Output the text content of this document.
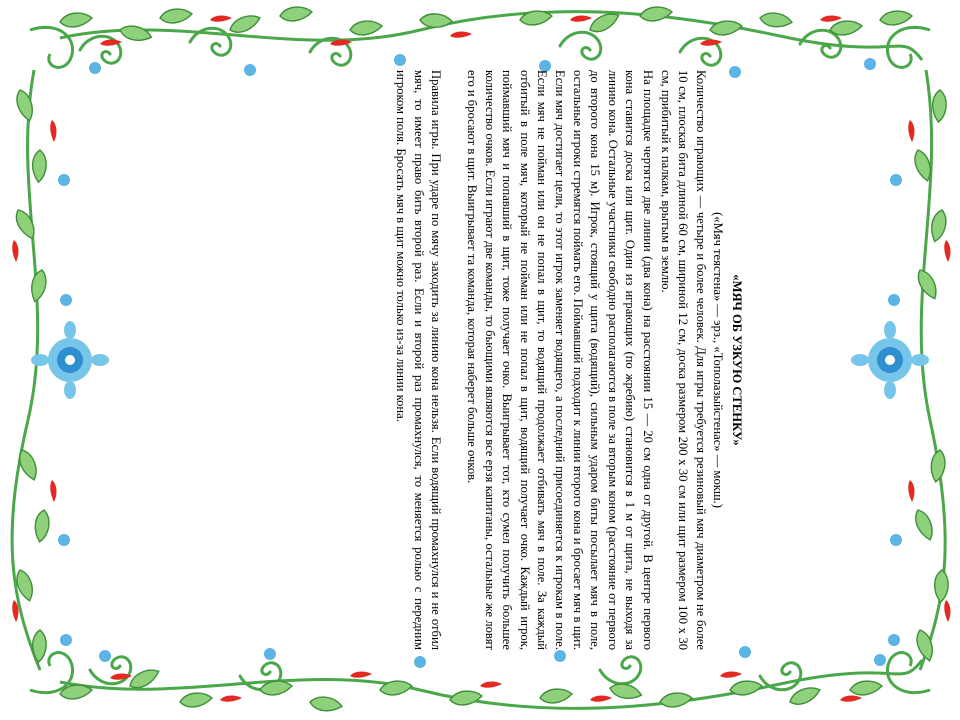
«МЯЧ ОБ УЗКУЮ СТЕНКУ»

(«Мяч теястена» — эрз., «Тополазыйстенас» — мокш.)

Количество играющих — четыре и более человек. Для игры требуется резиновый мяч диаметром не более 10 см, плоская бита длиной 60 см, шириной 12 см, доска размером 200 х 30 см или щит размером 100 х 30 см, прибитый к палкам, врытым в землю.

На площадке чертятся две линии (два кона) на расстоянии 15 — 20 см одна от другой. В центре первого кона ставится доска или щит. Один из играющих (по жребию) становится в 1 м от щита, не выходя за линию кона. Остальные участники свободно располагаются в поле за вторым коном (расстояние от первого до второго кона 15 м). Игрок, стоящий у щита (водящий), сильным ударом биты посылает мяч в поле, остальные игроки стремятся поймать его. Поймавший подходит к линии второго кона и бросает мяч в щит. Если мяч достигает цели, то этот игрок заменяет водящего, а последний присоединяется к игрокам в поле. Если мяч не пойман или он не попал в щит, то водящий продолжает отбивать мяч в поле. За каждый отбитый в поле мяч, который не пойман или не попал в щит, водящий получает очко. Каждый игрок, поймавший мяч и попавший в щит, тоже получает очко. Выигрывает тот, кто сумел получить большее количество очков. Если играют две команды, то бьющими являются все ерзя капитаны, остальные же ловят его и бросают в щит. Выигрывает та команда, которая наберет больше очков.

Правила игры. При ударе по мячу заходить за линию кона нельзя. Если водящий промахнулся и не отбил мяч, то имеет право бить второй раз. Если и второй раз промахнулся, то меняется ролью с передним игроком поля. Бросать мяч в щит можно только из-за линии кона.
